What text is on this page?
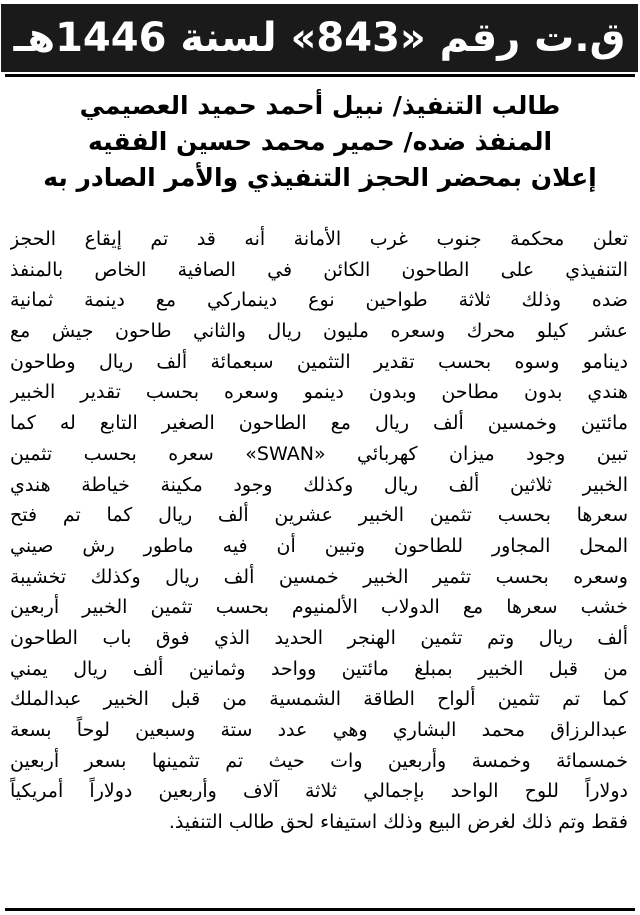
ق.ت رقم «843» لسنة 1446هـ
طالب التنفيذ/ نبيل أحمد حميد العصيمي
المنفذ ضده/ حمير محمد حسين الفقيه
إعلان بمحضر الحجز التنفيذي والأمر الصادر به
تعلن محكمة جنوب غرب الأمانة أنه قد تم إيقاع الحجز
التنفيذي على الطاحون الكائن في الصافية الخاص بالمنفذ
ضده وذلك ثلاثة طواحين نوع دينماركي مع دينمة ثمانية
عشر كيلو محرك وسعره مليون ريال والثاني طاحون جيش مع
دينامو وسوه بحسب تقدير التثمين سبعمائة ألف ريال وطاحون
هندي بدون مطاحن وبدون دينمو وسعره بحسب تقدير الخبير
مائتين وخمسين ألف ريال مع الطاحون الصغير التابع له كما
تبين وجود ميزان كهربائي «SWAN» سعره بحسب تثمين
الخبير ثلاثين ألف ريال وكذلك وجود مكينة خياطة هندي
سعرها بحسب تثمين الخبير عشرين ألف ريال كما تم فتح
المحل المجاور للطاحون وتبين أن فيه ماطور رش صيني
وسعره بحسب تثمير الخبير خمسين ألف ريال وكذلك تخشيبة
خشب سعرها مع الدولاب الألمنيوم بحسب تثمين الخبير أربعين
ألف ريال وتم تثمين الهنجر الحديد الذي فوق باب الطاحون
من قبل الخبير بمبلغ مائتين وواحد وثمانين ألف ريال يمني
كما تم تثمين ألواح الطاقة الشمسية من قبل الخبير عبدالملك
عبدالرزاق محمد البشاري وهي عدد ستة وسبعين لوحاً بسعة
خمسمائة وخمسة وأربعين وات حيث تم تثمينها بسعر أربعين
دولاراً للوح الواحد بإجمالي ثلاثة آلاف وأربعين دولاراً أمريكياً
فقط وتم ذلك لغرض البيع وذلك استيفاء لحق طالب التنفيذ.
